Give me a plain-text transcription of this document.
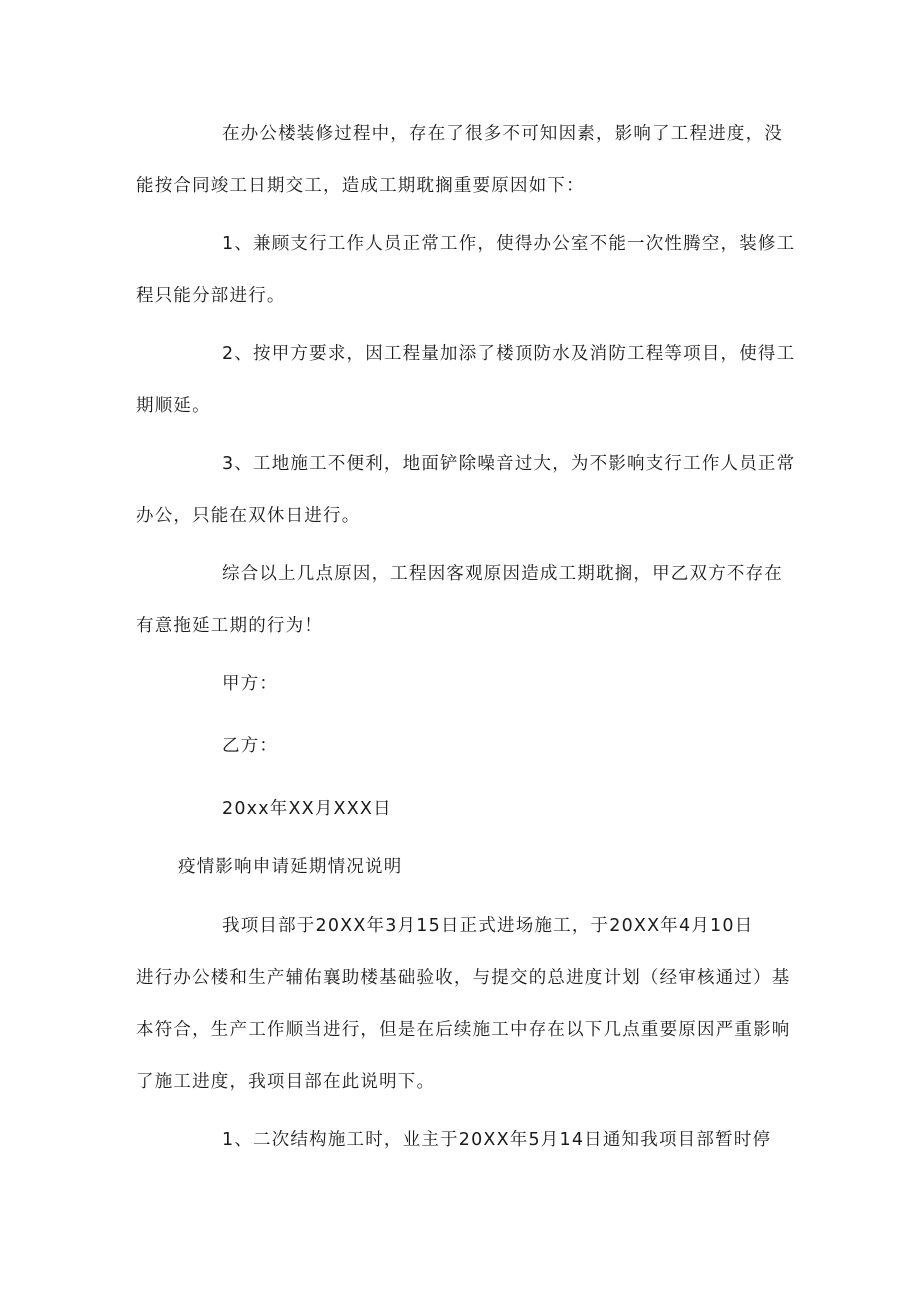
在办公楼装修过程中，存在了很多不可知因素，影响了工程进度，没

能按合同竣工日期交工，造成工期耽搁重要原因如下：

1、兼顾支行工作人员正常工作，使得办公室不能一次性腾空，装修工

程只能分部进行。

2、按甲方要求，因工程量加添了楼顶防水及消防工程等项目，使得工

期顺延。

3、工地施工不便利，地面铲除噪音过大，为不影响支行工作人员正常

办公，只能在双休日进行。

综合以上几点原因，工程因客观原因造成工期耽搁，甲乙双方不存在

有意拖延工期的行为！

甲方：

乙方：

20xx年XX月XXX日

疫情影响申请延期情况说明

我项目部于20XX年3月15日正式进场施工，于20XX年4月10日

进行办公楼和生产辅佑襄助楼基础验收，与提交的总进度计划（经审核通过）基

本符合，生产工作顺当进行，但是在后续施工中存在以下几点重要原因严重影响

了施工进度，我项目部在此说明下。

1、二次结构施工时，业主于20XX年5月14日通知我项目部暂时停
